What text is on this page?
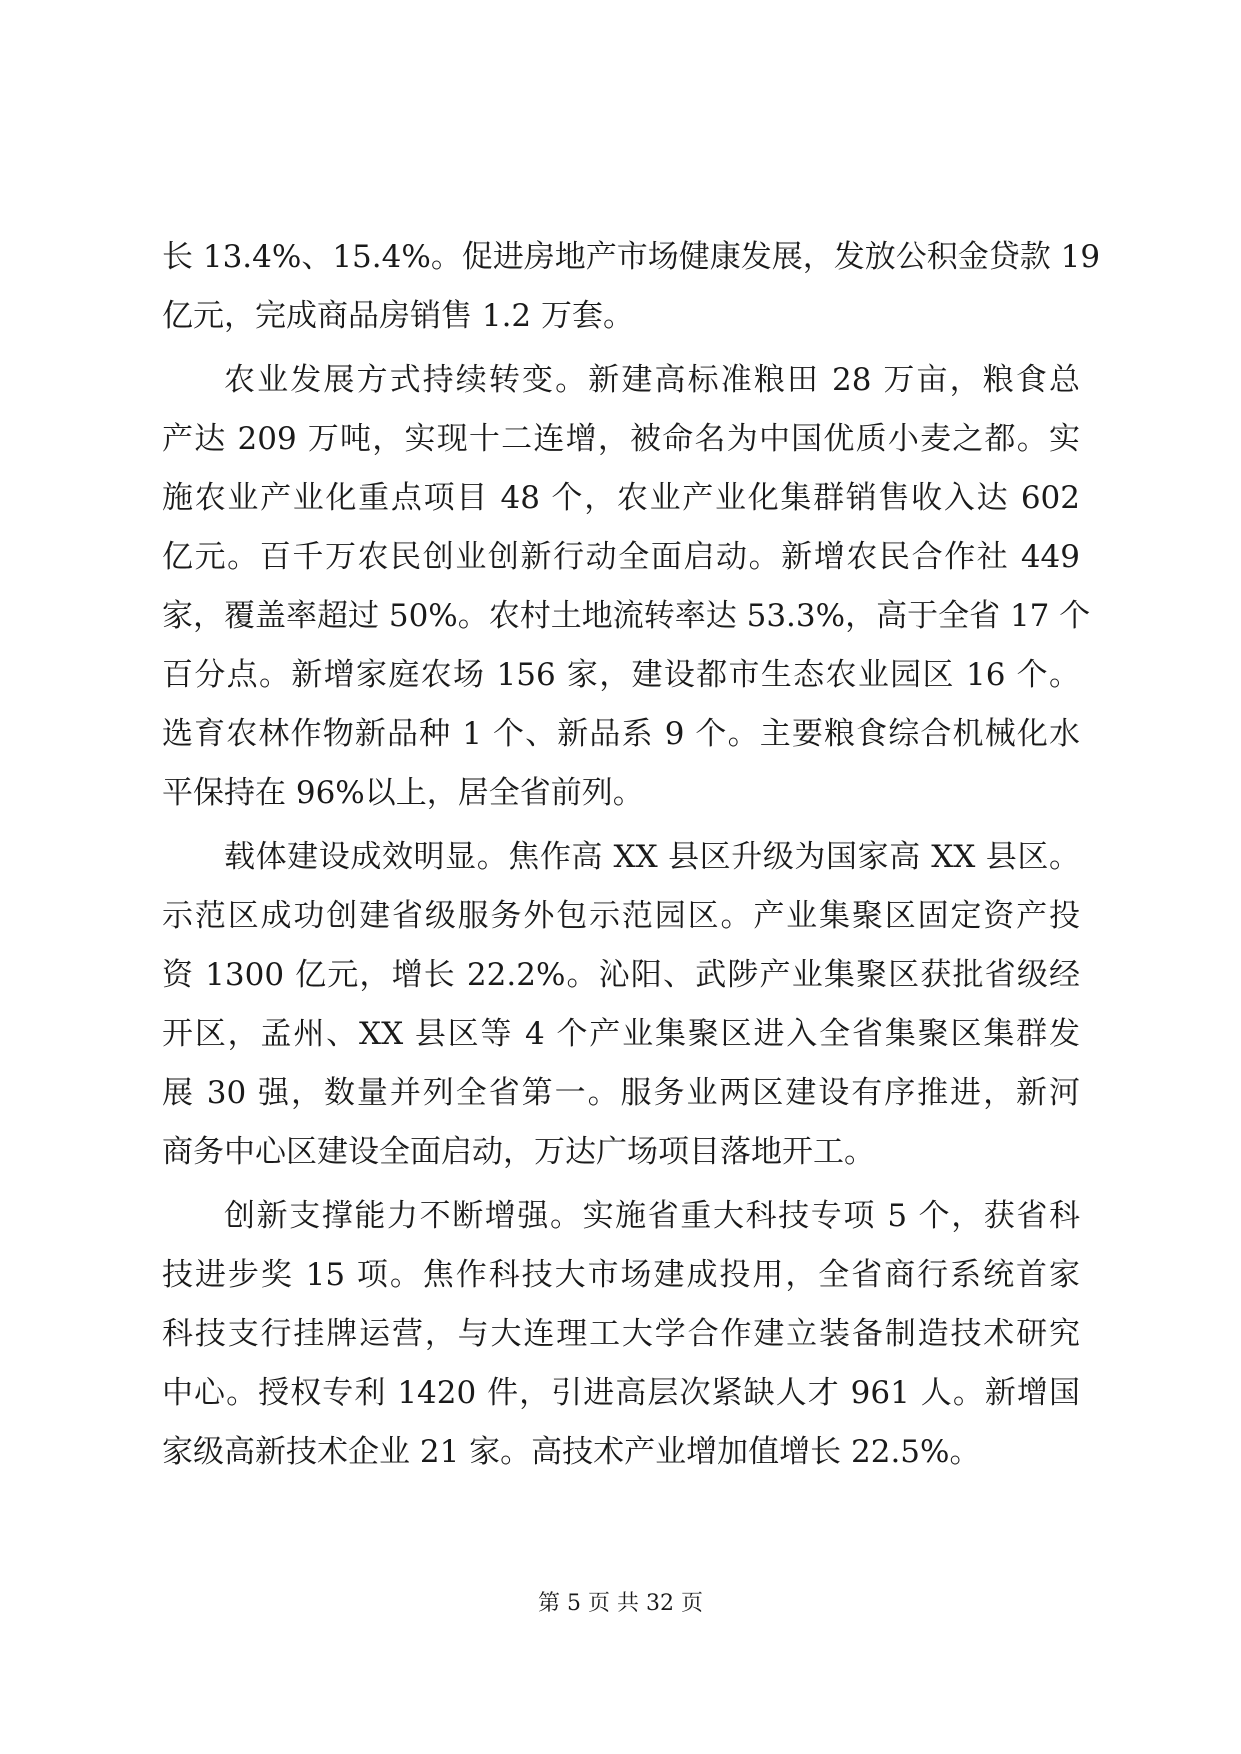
长 13.4%、15.4%。促进房地产市场健康发展，发放公积金贷款 19
亿元，完成商品房销售 1.2 万套。
农业发展方式持续转变。新建高标准粮田 28 万亩，粮食总
产达 209 万吨，实现十二连增，被命名为中国优质小麦之都。实
施农业产业化重点项目 48 个，农业产业化集群销售收入达 602
亿元。百千万农民创业创新行动全面启动。新增农民合作社 449
家，覆盖率超过 50%。农村土地流转率达 53.3%，高于全省 17 个
百分点。新增家庭农场 156 家，建设都市生态农业园区 16 个。
选育农林作物新品种 1 个、新品系 9 个。主要粮食综合机械化水
平保持在 96%以上，居全省前列。
载体建设成效明显。焦作高 XX 县区升级为国家高 XX 县区。
示范区成功创建省级服务外包示范园区。产业集聚区固定资产投
资 1300 亿元，增长 22.2%。沁阳、武陟产业集聚区获批省级经
开区，孟州、XX 县区等 4 个产业集聚区进入全省集聚区集群发
展 30 强，数量并列全省第一。服务业两区建设有序推进，新河
商务中心区建设全面启动，万达广场项目落地开工。
创新支撑能力不断增强。实施省重大科技专项 5 个，获省科
技进步奖 15 项。焦作科技大市场建成投用，全省商行系统首家
科技支行挂牌运营，与大连理工大学合作建立装备制造技术研究
中心。授权专利 1420 件，引进高层次紧缺人才 961 人。新增国
家级高新技术企业 21 家。高技术产业增加值增长 22.5%。
第 5 页 共 32 页
